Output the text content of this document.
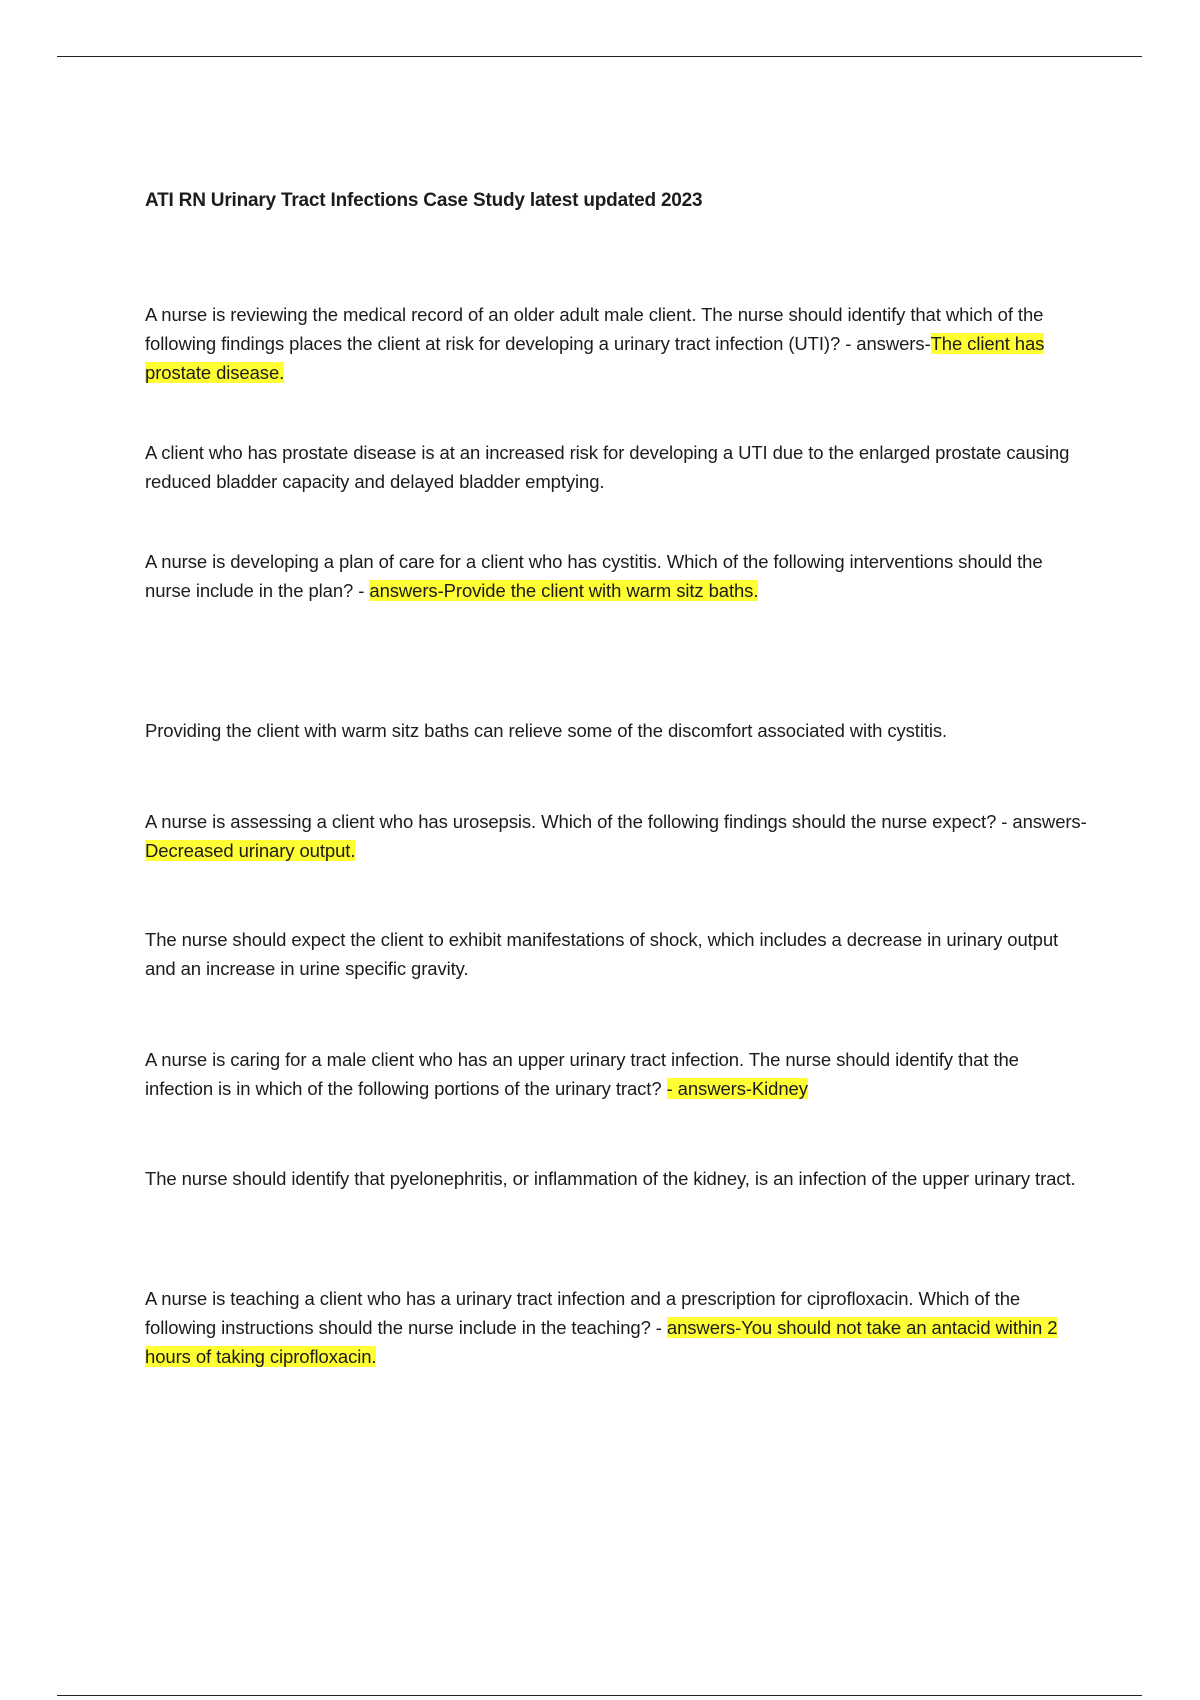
ATI RN Urinary Tract Infections Case Study latest updated 2023

A nurse is reviewing the medical record of an older adult male client. The nurse should identify that which of the following findings places the client at risk for developing a urinary tract infection (UTI)? - answers-The client has prostate disease.

A client who has prostate disease is at an increased risk for developing a UTI due to the enlarged prostate causing reduced bladder capacity and delayed bladder emptying.

A nurse is developing a plan of care for a client who has cystitis. Which of the following interventions should the nurse include in the plan? - answers-Provide the client with warm sitz baths.

Providing the client with warm sitz baths can relieve some of the discomfort associated with cystitis.

A nurse is assessing a client who has urosepsis. Which of the following findings should the nurse expect? - answers-Decreased urinary output.

The nurse should expect the client to exhibit manifestations of shock, which includes a decrease in urinary output and an increase in urine specific gravity.

A nurse is caring for a male client who has an upper urinary tract infection. The nurse should identify that the infection is in which of the following portions of the urinary tract? - answers-Kidney

The nurse should identify that pyelonephritis, or inflammation of the kidney, is an infection of the upper urinary tract.

A nurse is teaching a client who has a urinary tract infection and a prescription for ciprofloxacin. Which of the following instructions should the nurse include in the teaching? - answers-You should not take an antacid within 2 hours of taking ciprofloxacin.
